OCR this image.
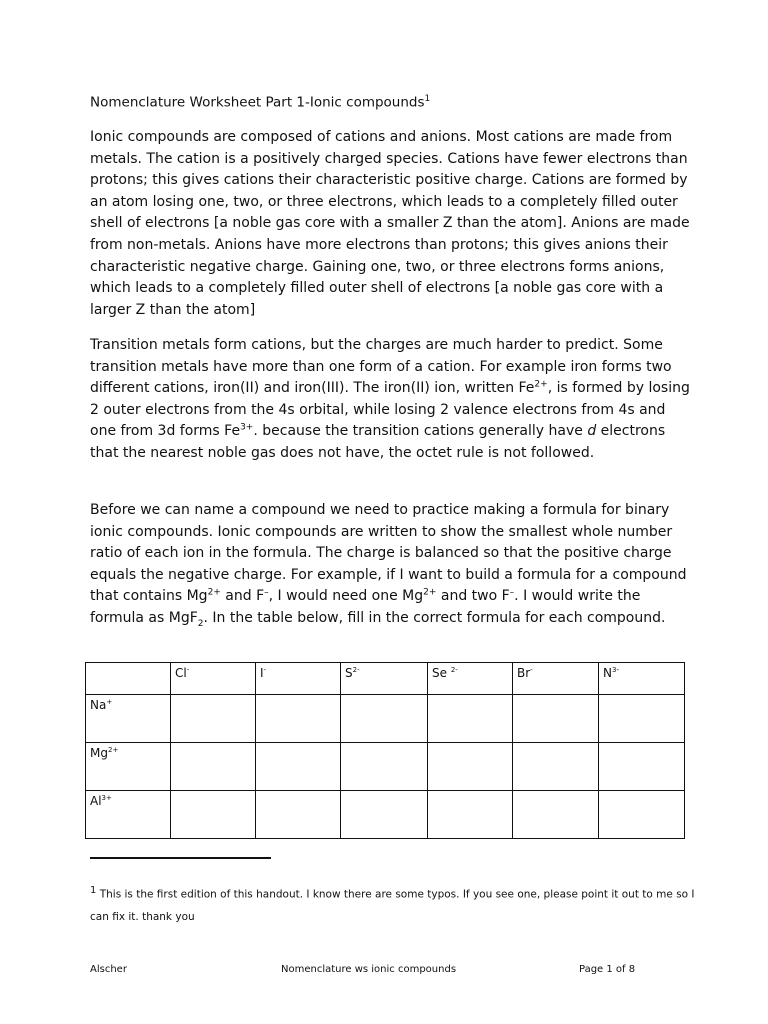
Nomenclature Worksheet Part 1-Ionic compounds$^1$

Ionic compounds are composed of cations and anions. Most cations are made from metals. The cation is a positively charged species. Cations have fewer electrons than protons; this gives cations their characteristic positive charge. Cations are formed by an atom losing one, two, or three electrons, which leads to a completely filled outer shell of electrons [a noble gas core with a smaller Z than the atom]. Anions are made from non-metals. Anions have more electrons than protons; this gives anions their characteristic negative charge. Gaining one, two, or three electrons forms anions, which leads to a completely filled outer shell of electrons [a noble gas core with a larger Z than the atom]

Transition metals form cations, but the charges are much harder to predict. Some transition metals have more than one form of a cation. For example iron forms two different cations, iron(II) and iron(III). The iron(II) ion, written $Fe^{2+}$, is formed by losing 2 outer electrons from the 4s orbital, while losing 2 valence electrons from 4s and one from 3d forms $Fe^{3+}$. because the transition cations generally have d electrons that the nearest noble gas does not have, the octet rule is not followed.

Before we can name a compound we need to practice making a formula for binary ionic compounds. Ionic compounds are written to show the smallest whole number ratio of each ion in the formula. The charge is balanced so that the positive charge equals the negative charge. For example, if I want to build a formula for a compound that contains $Mg^{2+}$ and F–, I would need one $Mg^{2+}$ and two F–. I would write the formula as MgF$_2$. In the table below, fill in the correct formula for each compound.

	Cl-	I-	$S^{2-}$	Se $^{2-}$	Br-	$N^{3-}$
Na+						
$Mg^{2+}$						
$Al^{3+}$						
$^1$ This is the first edition of this handout. I know there are some typos. If you see one, please point it out to me so I can fix it. thank you
Alscher	Nomenclature ws ionic compounds	Page 1 of 8
